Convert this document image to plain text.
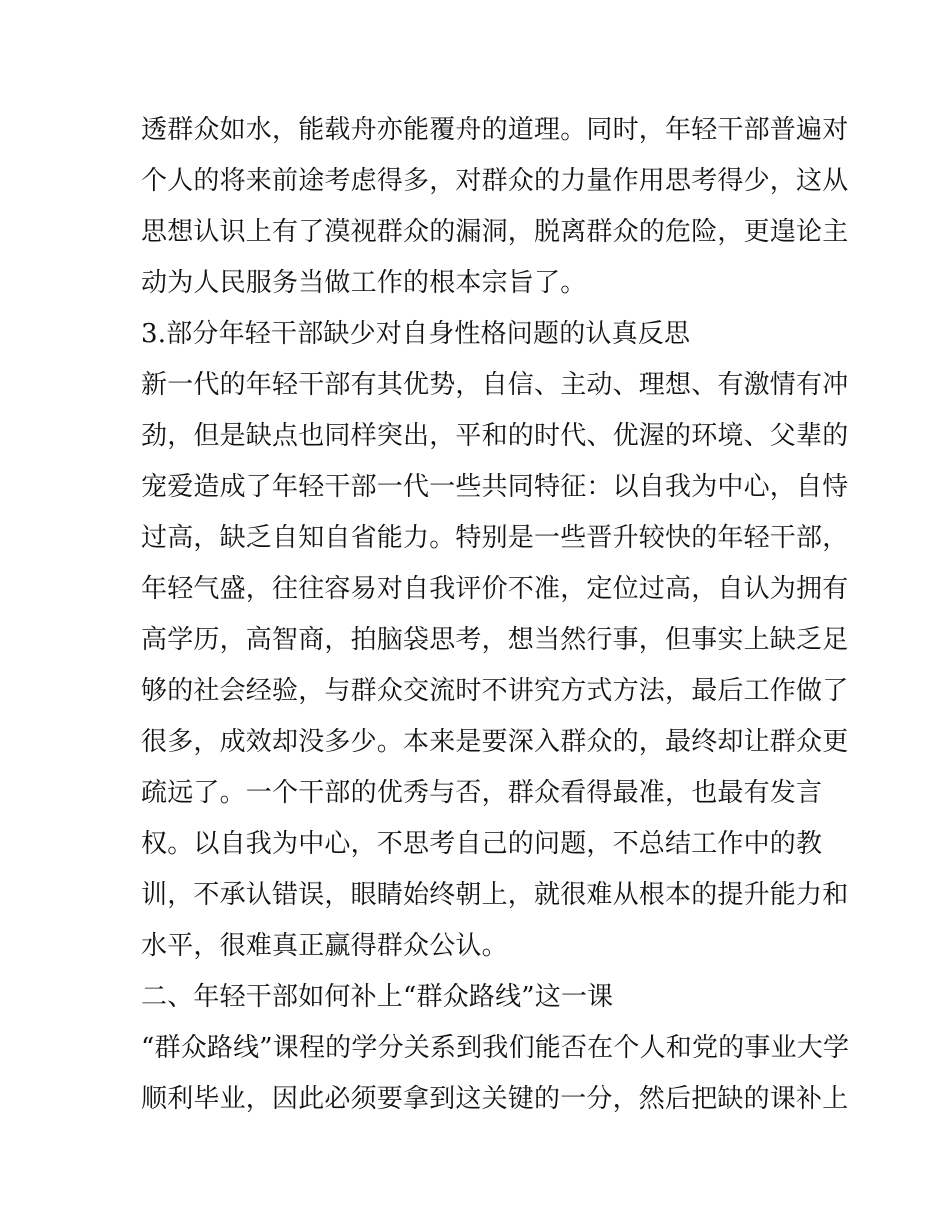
透群众如水，能载舟亦能覆舟的道理。同时，年轻干部普遍对
个人的将来前途考虑得多，对群众的力量作用思考得少，这从
思想认识上有了漠视群众的漏洞，脱离群众的危险，更遑论主
动为人民服务当做工作的根本宗旨了。
3.部分年轻干部缺少对自身性格问题的认真反思
新一代的年轻干部有其优势，自信、主动、理想、有激情有冲
劲，但是缺点也同样突出，平和的时代、优渥的环境、父辈的
宠爱造成了年轻干部一代一些共同特征：以自我为中心，自恃
过高，缺乏自知自省能力。特别是一些晋升较快的年轻干部，
年轻气盛，往往容易对自我评价不准，定位过高，自认为拥有
高学历，高智商，拍脑袋思考，想当然行事，但事实上缺乏足
够的社会经验，与群众交流时不讲究方式方法，最后工作做了
很多，成效却没多少。本来是要深入群众的，最终却让群众更
疏远了。一个干部的优秀与否，群众看得最准，也最有发言
权。以自我为中心，不思考自己的问题，不总结工作中的教
训，不承认错误，眼睛始终朝上，就很难从根本的提升能力和
水平，很难真正赢得群众公认。
二、年轻干部如何补上“群众路线”这一课
“群众路线”课程的学分关系到我们能否在个人和党的事业大学
顺利毕业，因此必须要拿到这关键的一分，然后把缺的课补上
